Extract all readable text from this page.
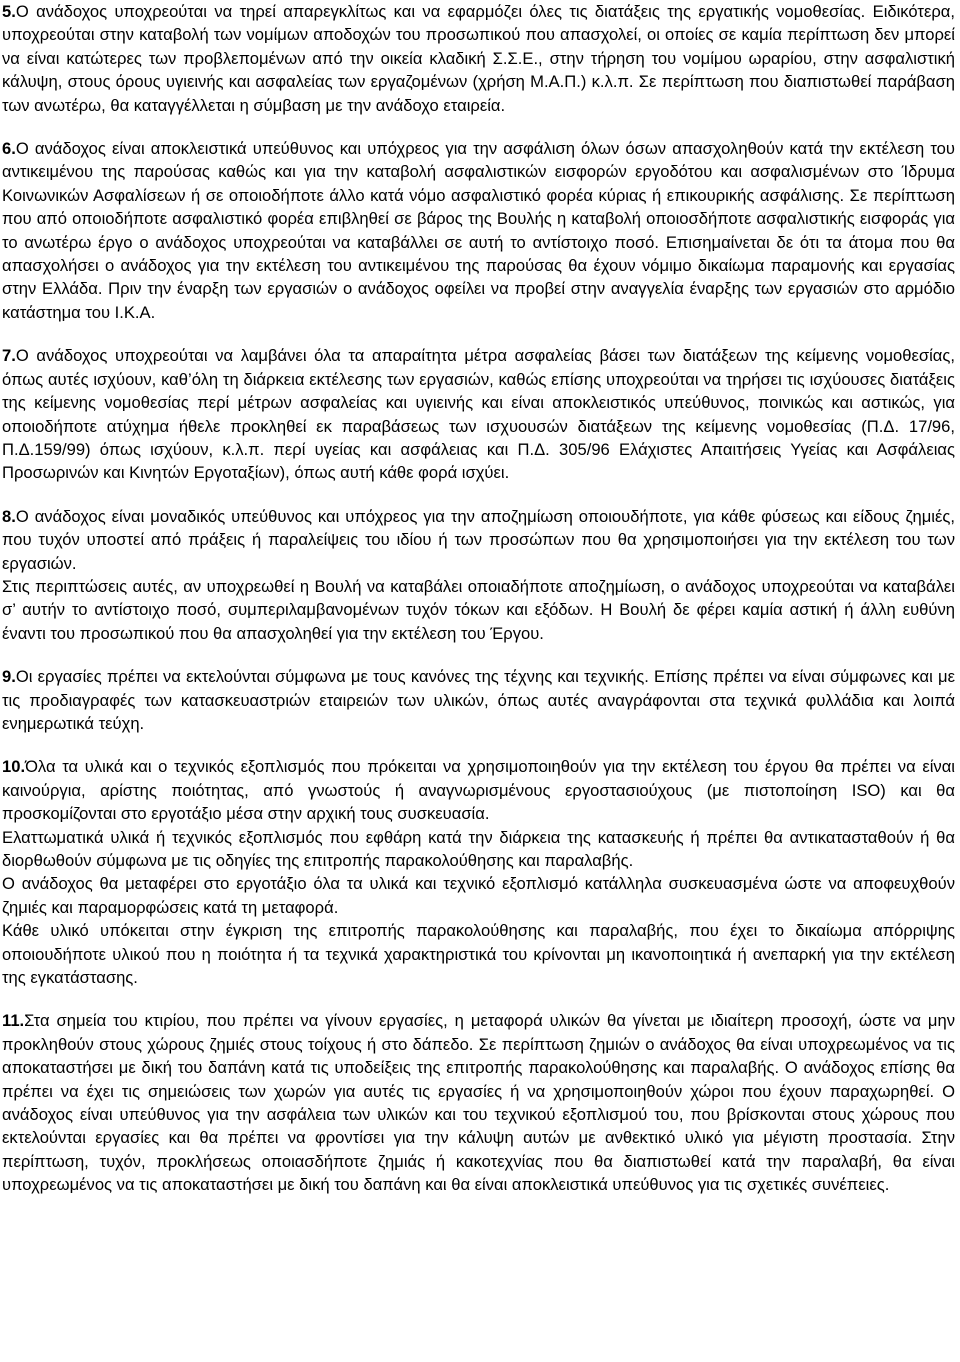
5.Ο ανάδοχος υποχρεούται να τηρεί απαρεγκλίτως και να εφαρμόζει όλες τις διατάξεις της εργατικής νομοθεσίας. Ειδικότερα, υποχρεούται στην καταβολή των νομίμων αποδοχών του προσωπικού που απασχολεί, οι οποίες σε καμία περίπτωση δεν μπορεί να είναι κατώτερες των προβλεπομένων από την οικεία κλαδική Σ.Σ.Ε., στην τήρηση του νομίμου ωραρίου, στην ασφαλιστική κάλυψη, στους όρους υγιεινής και ασφαλείας των εργαζομένων (χρήση Μ.Α.Π.) κ.λ.π. Σε περίπτωση που διαπιστωθεί παράβαση των ανωτέρω, θα καταγγέλλεται η σύμβαση με την ανάδοχο εταιρεία.

6.Ο ανάδοχος είναι αποκλειστικά υπεύθυνος και υπόχρεος για την ασφάλιση όλων όσων απασχοληθούν κατά την εκτέλεση του αντικειμένου της παρούσας καθώς και για την καταβολή ασφαλιστικών εισφορών εργοδότου και ασφαλισμένων στο Ίδρυμα Κοινωνικών Ασφαλίσεων ή σε οποιοδήποτε άλλο κατά νόμο ασφαλιστικό φορέα κύριας ή επικουρικής ασφάλισης. Σε περίπτωση που από οποιοδήποτε ασφαλιστικό φορέα επιβληθεί σε βάρος της Βουλής η καταβολή οποιοσδήποτε ασφαλιστικής εισφοράς για το ανωτέρω έργο ο ανάδοχος υποχρεούται να καταβάλλει σε αυτή το αντίστοιχο ποσό. Επισημαίνεται δε ότι τα άτομα που θα απασχολήσει ο ανάδοχος για την εκτέλεση του αντικειμένου της παρούσας θα έχουν νόμιμο δικαίωμα παραμονής και εργασίας στην Ελλάδα. Πριν την έναρξη των εργασιών ο ανάδοχος οφείλει να προβεί στην αναγγελία έναρξης των εργασιών στο αρμόδιο κατάστημα του Ι.Κ.Α.

7.Ο ανάδοχος υποχρεούται να λαμβάνει όλα τα απαραίτητα μέτρα ασφαλείας βάσει των διατάξεων της κείμενης νομοθεσίας, όπως αυτές ισχύουν, καθ’όλη τη διάρκεια εκτέλεσης των εργασιών, καθώς επίσης υποχρεούται να τηρήσει τις ισχύουσες διατάξεις της κείμενης νομοθεσίας περί μέτρων ασφαλείας και υγιεινής και είναι αποκλειστικός υπεύθυνος, ποινικώς και αστικώς, για οποιοδήποτε ατύχημα ήθελε προκληθεί εκ παραβάσεως των ισχυουσών διατάξεων της κείμενης νομοθεσίας (Π.Δ. 17/96, Π.Δ.159/99) όπως ισχύουν, κ.λ.π. περί υγείας και ασφάλειας και Π.Δ. 305/96 Ελάχιστες Απαιτήσεις Υγείας και Ασφάλειας Προσωρινών και Κινητών Εργοταξίων), όπως αυτή κάθε φορά ισχύει.

8.Ο ανάδοχος είναι μοναδικός υπεύθυνος και υπόχρεος για την αποζημίωση οποιουδήποτε, για κάθε φύσεως και είδους ζημιές, που τυχόν υποστεί από πράξεις ή παραλείψεις του ιδίου ή των προσώπων που θα χρησιμοποιήσει για την εκτέλεση του των εργασιών.

Στις περιπτώσεις αυτές, αν υποχρεωθεί η Βουλή να καταβάλει οποιαδήποτε αποζημίωση, ο ανάδοχος υποχρεούται να καταβάλει σ’ αυτήν το αντίστοιχο ποσό, συμπεριλαμβανομένων τυχόν τόκων και εξόδων. Η Βουλή δε φέρει καμία αστική ή άλλη ευθύνη έναντι του προσωπικού που θα απασχοληθεί για την εκτέλεση του Έργου.

9.Οι εργασίες πρέπει να εκτελούνται σύμφωνα με τους κανόνες της τέχνης και τεχνικής. Επίσης πρέπει να είναι σύμφωνες και με τις προδιαγραφές των κατασκευαστριών εταιρειών των υλικών, όπως αυτές αναγράφονται στα τεχνικά φυλλάδια και λοιπά ενημερωτικά τεύχη.

10.Όλα τα υλικά και ο τεχνικός εξοπλισμός που πρόκειται να χρησιμοποιηθούν για την εκτέλεση του έργου θα πρέπει να είναι καινούργια, αρίστης ποιότητας, από γνωστούς ή αναγνωρισμένους εργοστασιούχους (με πιστοποίηση ISO) και θα προσκομίζονται στο εργοτάξιο μέσα στην αρχική τους συσκευασία.

Ελαττωματικά υλικά ή τεχνικός εξοπλισμός που εφθάρη κατά την διάρκεια της κατασκευής ή πρέπει θα αντικατασταθούν ή θα διορθωθούν σύμφωνα με τις οδηγίες της επιτροπής παρακολούθησης και παραλαβής.

Ο ανάδοχος θα μεταφέρει στο εργοτάξιο όλα τα υλικά και τεχνικό εξοπλισμό κατάλληλα συσκευασμένα ώστε να αποφευχθούν ζημιές και παραμορφώσεις κατά τη μεταφορά.

Κάθε υλικό υπόκειται στην έγκριση της επιτροπής παρακολούθησης και παραλαβής, που έχει το δικαίωμα απόρριψης οποιουδήποτε υλικού που η ποιότητα ή τα τεχνικά χαρακτηριστικά του κρίνονται μη ικανοποιητικά ή ανεπαρκή για την εκτέλεση της εγκατάστασης.

11.Στα σημεία του κτιρίου, που πρέπει να γίνουν εργασίες, η μεταφορά υλικών θα γίνεται με ιδιαίτερη προσοχή, ώστε να μην προκληθούν στους χώρους ζημιές στους τοίχους ή στο δάπεδο. Σε περίπτωση ζημιών ο ανάδοχος θα είναι υποχρεωμένος να τις αποκαταστήσει με δική του δαπάνη κατά τις υποδείξεις της επιτροπής παρακολούθησης και παραλαβής. Ο ανάδοχος επίσης θα πρέπει να έχει τις σημειώσεις των χωρών για αυτές τις εργασίες ή να χρησιμοποιηθούν χώροι που έχουν παραχωρηθεί. Ο ανάδοχος είναι υπεύθυνος για την ασφάλεια των υλικών και του τεχνικού εξοπλισμού του, που βρίσκονται στους χώρους που εκτελούνται εργασίες και θα πρέπει να φροντίσει για την κάλυψη αυτών με ανθεκτικό υλικό για μέγιστη προστασία. Στην περίπτωση, τυχόν, προκλήσεως οποιασδήποτε ζημιάς ή κακοτεχνίας που θα διαπιστωθεί κατά την παραλαβή, θα είναι υποχρεωμένος να τις αποκαταστήσει με δική του δαπάνη και θα είναι αποκλειστικά υπεύθυνος για τις σχετικές συνέπειες.
